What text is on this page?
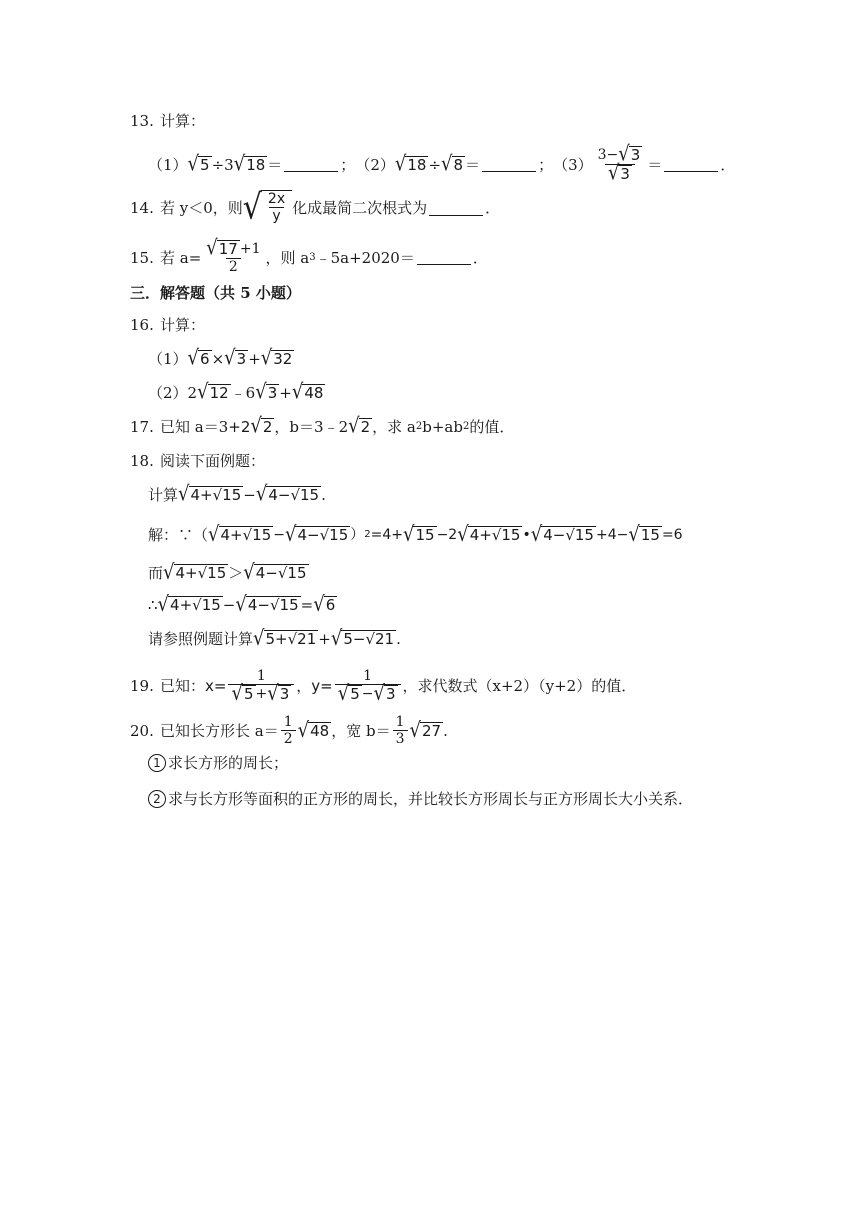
13. 计算：
（1） √ 5 ÷3 √ 18 ＝	； （2） √ 18 ÷ √ 8 ＝	； $(3) \frac{3- √ 3}{√ 3}$ ＝	．
14. 若 y＜0，则 √ $\frac{2x}{y}$ 化成最简二次根式为	．
15. 若 $a= \frac{√ 17 +1}{2}$ ，则 a 3 ﹣5a+2020＝	．
三．解答题（共 5 小题）
16. 计算：
（1） √ 6 × √ 3 + √ 32
（2）2 √ 12 ﹣6 √ 3 + √ 48
17. 已知 a＝3 +2 √ 2 ，b＝3﹣2 √ 2 ，求 a 2 b+ab 2 的值．
18. 阅读下面例题：
计算 √ 4+√15 − √ 4−√15 .
解：∵（ √ 4+√15 − √ 4−√15 ） 2 =4+ √ 15 −2 √ 4+√15 • √ 4−√15 +4− √ 15 =6
而 √ 4+√15 ＞ √ 4−√15
∴ √ 4+√15 − √ 4−√15 = √ 6
请参照例题计算 √ 5+√21 + √ 5−√21 .
19. 已知： $x= \frac{1}{√ 5 + √ 3}$ ， $y= \frac{1}{√ 5 - √ 3}$ ，求代数式（x+2）（y+2）的值．
20. 已知长方形长 $a= \frac{1}{2}$ √ 48 ，宽 $b= \frac{1}{3}$ √ 27 .
1 求长方形的周长；
2 求与长方形等面积的正方形的周长，并比较长方形周长与正方形周长大小关系．
